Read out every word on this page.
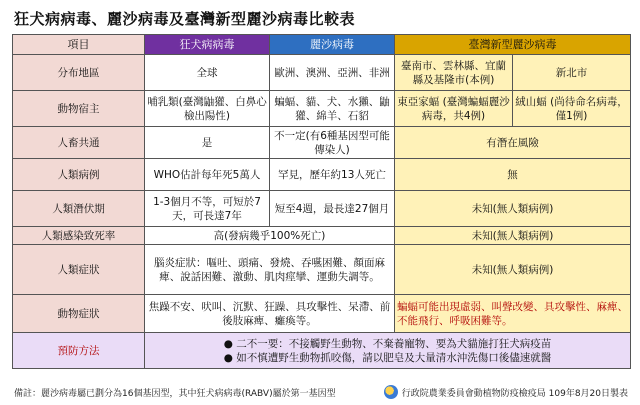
狂犬病病毒、麗沙病毒及臺灣新型麗沙病毒比較表
項目	狂犬病病毒	麗沙病毒	臺灣新型麗沙病毒	
分布地區	全球	歐洲、澳洲、亞洲、非洲	臺南市、雲林縣、宜蘭縣及基隆市(本例)	新北市
動物宿主	哺乳類(臺灣鼬獾、白鼻心檢出陽性)	蝙蝠、貓、犬、水獺、鼬獾、綿羊、石貂	東亞家蝠 (臺灣蝙蝠麗沙病毒，共4例)	絨山蝠 (尚待命名病毒，僅1例)
人畜共通	是	不一定(有6種基因型可能傳染人)	有潛在風險	
人類病例	WHO估計每年死5萬人	罕見，歷年約13人死亡	無	
人類潛伏期	1-3個月不等，可短於7天，可長達7年	短至4週，最長達27個月	未知(無人類病例)	
人類感染致死率	高(發病幾乎100%死亡)		未知(無人類病例)	
人類症狀	腦炎症狀：嘔吐、頭痛、發燒、吞嚥困難、顏面麻痺、說話困難、激動、肌肉痙攣、運動失調等。		未知(無人類病例)	
動物症狀	焦躁不安、吠叫、沉默、狂躁、具攻擊性、呆滯、前後肢麻痺、癱瘓等。		蝙蝠可能出現虛弱、叫聲改變、具攻擊性、麻痺、不能飛行、呼吸困難等。	
預防方法	● 二不一要：不接觸野生動物、不棄養寵物、要為犬貓施打狂犬病疫苗
● 如不慎遭野生動物抓咬傷，請以肥皂及大量清水沖洗傷口後儘速就醫			
備註：麗沙病毒屬已劃分為16個基因型，其中狂犬病病毒(RABV)屬於第一基因型	行政院農業委員會動植物防疫檢疫局 109年8月20日製表
